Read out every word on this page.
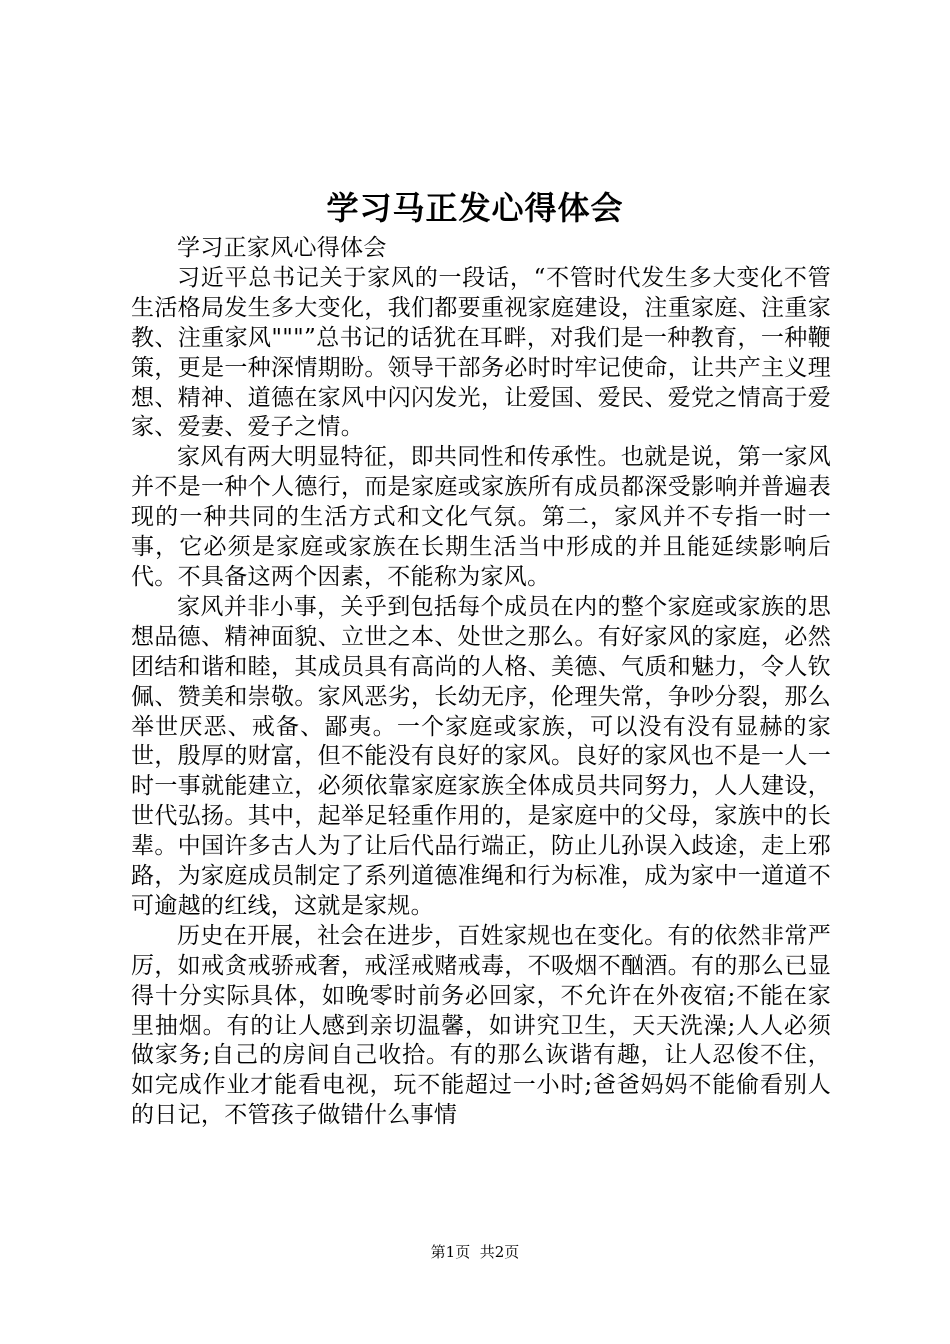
学习马正发心得体会

学习正家风心得体会

习近平总书记关于家风的一段话，“不管时代发生多大变化不管生活格局发生多大变化，我们都要重视家庭建设，注重家庭、注重家教、注重家风"""”总书记的话犹在耳畔，对我们是一种教育，一种鞭策，更是一种深情期盼。领导干部务必时时牢记使命，让共产主义理想、精神、道德在家风中闪闪发光，让爱国、爱民、爱党之情高于爱家、爱妻、爱子之情。

家风有两大明显特征，即共同性和传承性。也就是说，第一家风并不是一种个人德行，而是家庭或家族所有成员都深受影响并普遍表现的一种共同的生活方式和文化气氛。第二，家风并不专指一时一事，它必须是家庭或家族在长期生活当中形成的并且能延续影响后代。不具备这两个因素，不能称为家风。

家风并非小事，关乎到包括每个成员在内的整个家庭或家族的思想品德、精神面貌、立世之本、处世之那么。有好家风的家庭，必然团结和谐和睦，其成员具有高尚的人格、美德、气质和魅力，令人钦佩、赞美和崇敬。家风恶劣，长幼无序，伦理失常，争吵分裂，那么举世厌恶、戒备、鄙夷。一个家庭或家族，可以没有没有显赫的家世，殷厚的财富，但不能没有良好的家风。良好的家风也不是一人一时一事就能建立，必须依靠家庭家族全体成员共同努力，人人建设，世代弘扬。其中，起举足轻重作用的，是家庭中的父母，家族中的长辈。中国许多古人为了让后代品行端正，防止儿孙误入歧途，走上邪路，为家庭成员制定了系列道德准绳和行为标准，成为家中一道道不可逾越的红线，这就是家规。

历史在开展，社会在进步，百姓家规也在变化。有的依然非常严厉，如戒贪戒骄戒奢，戒淫戒赌戒毒，不吸烟不酗酒。有的那么已显得十分实际具体，如晚零时前务必回家，不允许在外夜宿;不能在家里抽烟。有的让人感到亲切温馨，如讲究卫生，天天洗澡;人人必须做家务;自己的房间自己收拾。有的那么诙谐有趣，让人忍俊不住，如完成作业才能看电视，玩不能超过一小时;爸爸妈妈不能偷看别人的日记，不管孩子做错什么事情

第1页 共2页
